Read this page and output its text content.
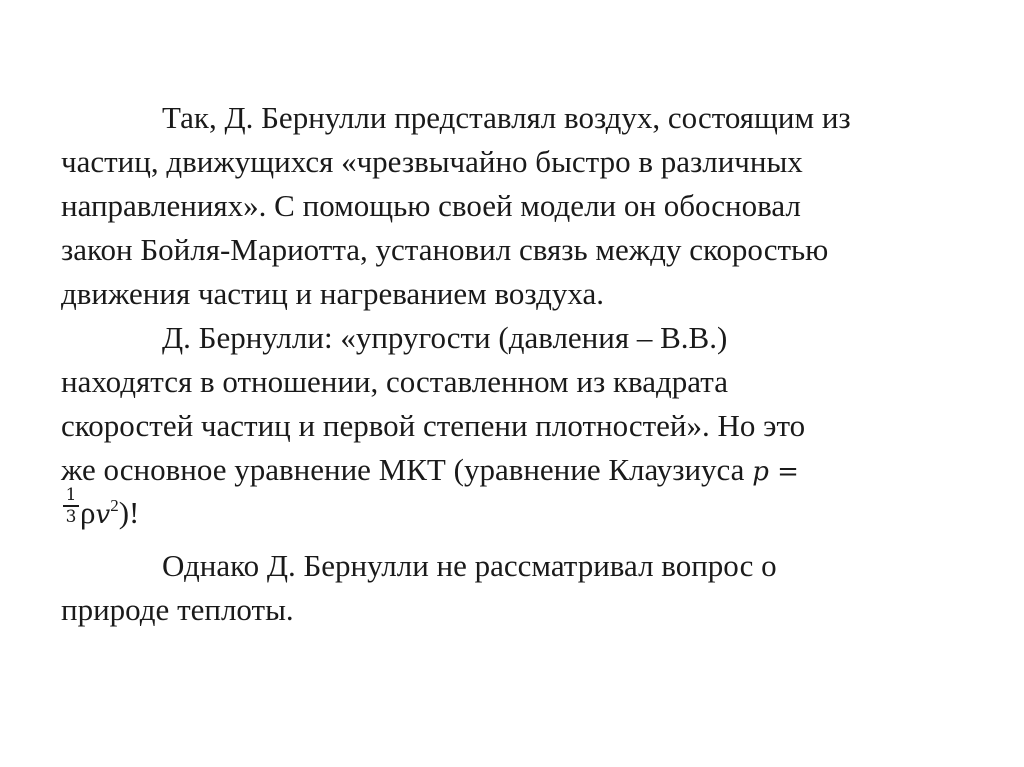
Так, Д. Бернулли представлял воздух, состоящим из
частиц, движущихся «чрезвычайно быстро в различных
направлениях». С помощью своей модели он обосновал
закон Бойля-Мариотта, установил связь между скоростью
движения частиц и нагреванием воздуха.
Д. Бернулли: «упругости (давления – В.В.)
находятся в отношении, составленном из квадрата
скоростей частиц и первой степени плотностей». Но это
же основное уравнение МКТ (уравнение Клаузиуса p =
1
3 $\rho v^2$)!
Однако Д. Бернулли не рассматривал вопрос о
природе теплоты.
